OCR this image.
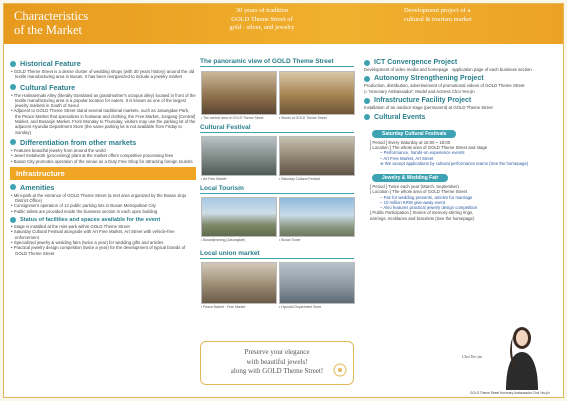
Characteristics
of the Market
30 years of tradition
GOLD Theme Street of
gold · silver, and jewelry
Development project of a
cultural & tourism market
Historical Feature
• GOLD Theme Street is a dense cluster of wedding shops (with 30 years history) around the old textile manufacturing area in Busan. It has been reorganized to include a jewelry market
Cultural Feature
• The Halmaemaki Alley (literally translated as grandmother's octopus alley) located in front of the textile manufacturing area is a popular location for eaters. It is known as one of the largest jewelry markets in South of Seoul
• Adjacent to GOLD Theme Street stand several traditional markets, such as Jasungdae Park, the Peace Market that specializes in footwear and clothing, the Free Market, Jungang (Central) Market, and Busanjin Market. From Monday to Thursday, visitors may use the parking lot of the adjacent Hyundai Department Store (the same parking lot is not available from Friday to Sunday)
Differentiation from other markets
• Features beautiful jewelry from around the world
• Jewel metalwork (processing) plant at the market offers competitive processing fees
• Busan City promotes operation of the venue as a Duty Free Shop for attracting foreign tourists
Infrastructure
Amenities
• Mini-park at the entrance of GOLD Theme Street (a rest area organized by the Busan Jinju District Office)
• Consignment operation of 12 public parking lots in Busan Metropolitan City
• Public toilets are provided inside the business section in each open building
Status of facilities and spaces available for the event
• Stage is installed at the mini-park within GOLD Theme Street
• Saturday Cultural Festival alongside with Art Free Market, Art Street with vehicle-free enforcement
• Specialized jewelry & wedding fairs (twice a year) for wedding gifts and articles
• Practical jewelry design competition (twice a year) for the development of typical brands of GOLD Theme Street
The panoramic view of GOLD Theme Street
• The central area of GOLD Theme Street	• Stores at GOLD Theme Street
Cultural Festival
• Art Free Market	• Saturday Cultural Festival
Local Tourism
• Busanjinseong (Jasungdae)	• Busan Tower
Local union market
• Peace Market · Free Market	• Hyundai Department Store
Preserve your elegance
with beautiful jewels!
along with GOLD Theme Street!
ICT Convergence Project
Development of video media and homepage · application page of each business section
Autonomy Strengthening Project
Production, distribution, advertisement of promotional videos of GOLD Theme Street
▷ 'Honorary Ambassador': Model and Actress Choi Yeo-jin
Infrastructure Facility Project
Installation of an outdoor stage (permanent) at GOLD Theme Street
Cultural Events
Saturday Cultural Festivals
[ Period ] Every Saturday at 16:00 ~ 18:00
[ Location ] The whole area of GOLD Theme Street and stage
– Performance, hands-on experience events
– Art Free Market, Art Street
※ We accept applications by cultural performance teams (See the homepage)
Jewelry & Wedding Fair
[ Period ] Twice each year (March, September)
[ Location ] The whole area of GOLD Theme Street
– Fair for wedding presents, articles for marriage
– 10 million KRW give-away event
– Also features practical jewelry design competition
[ Public Participation ] Stories of memory-stirring rings, earrings, necklaces and bracelets (See the homepage)
Choi Yeo-jin
GOLD Theme Street Honorary Ambassador Choi Yeo-jin
